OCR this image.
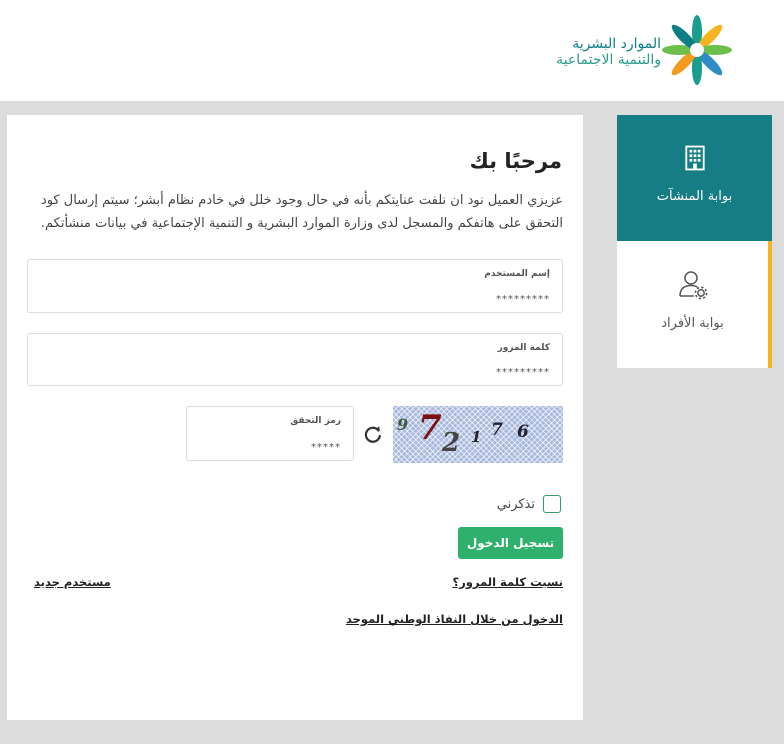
الموارد البشرية
والتنمية الاجتماعية
مرحبًا بك

عزيزي العميل نود ان نلفت عنايتكم بأنه في حال وجود خلل في خادم نظام أبشر؛ سيتم إرسال كود التحقق على هاتفكم والمسجل لدى وزارة الموارد البشرية و التنمية الإجتماعية في بيانات منشأتكم.

إسم المستخدم
*********
كلمة المرور
9 7 2 1 7 6
رمز التحقق
*****
تذكرني
تسجيل الدخول
نسيت كلمة المرور؟
مستخدم جديد
الدخول من خلال النفاذ الوطني الموحد
بوابة المنشآت
بوابة الأفراد
